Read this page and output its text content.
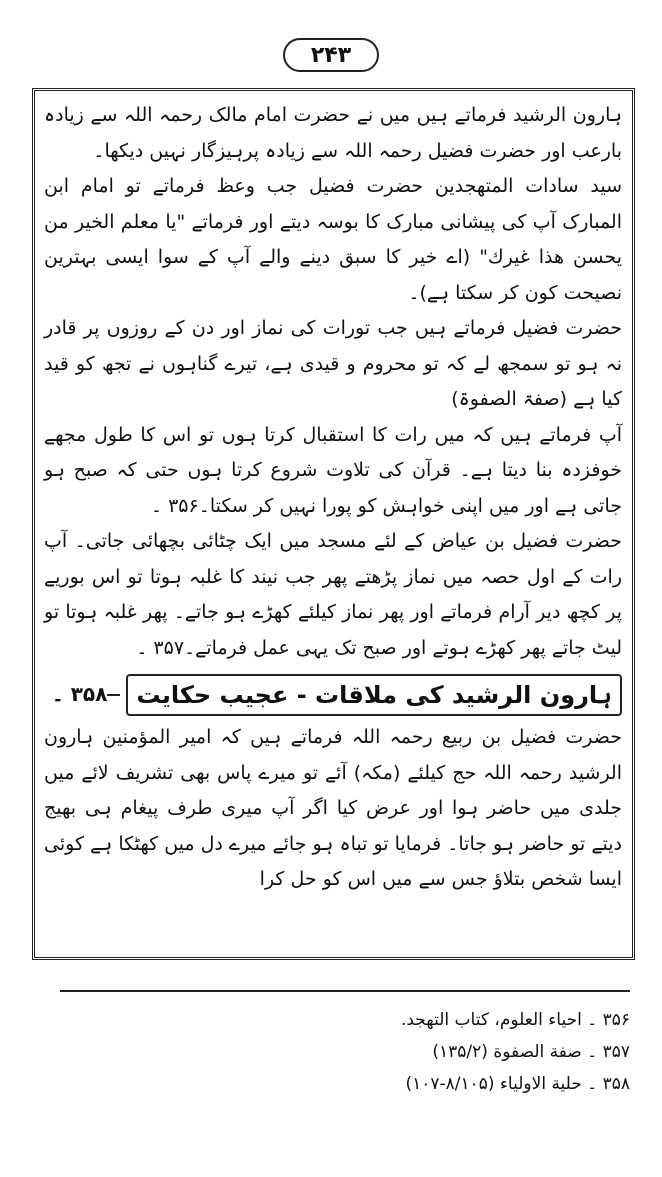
۲۴۳

ہارون الرشید فرماتے ہیں میں نے حضرت امام مالک رحمہ اللہ سے زیادہ بارعب اور حضرت فضیل رحمہ اللہ سے زیادہ پرہیزگار نہیں دیکھا۔

سید سادات المتھجدین حضرت فضیل جب وعظ فرماتے تو امام ابن المبارک آپ کی پیشانی مبارک کا بوسہ دیتے اور فرماتے "یا معلم الخیر من یحسن ھذا غیرك" (اے خیر کا سبق دینے والے آپ کے سوا ایسی بہترین نصیحت کون کر سکتا ہے)۔

حضرت فضیل فرماتے ہیں جب تورات کی نماز اور دن کے روزوں پر قادر نہ ہو تو سمجھ لے کہ تو محروم و قیدی ہے، تیرے گناہوں نے تجھ کو قید کیا ہے (صفۃ الصفوۃ)

آپ فرماتے ہیں کہ میں رات کا استقبال کرتا ہوں تو اس کا طول مجھے خوفزدہ بنا دیتا ہے۔ قرآن کی تلاوت شروع کرتا ہوں حتی کہ صبح ہو جاتی ہے اور میں اپنی خواہش کو پورا نہیں کر سکتا۔۳۵۶ ۔

حضرت فضیل بن عیاض کے لئے مسجد میں ایک چٹائی بچھائی جاتی۔ آپ رات کے اول حصہ میں نماز پڑھتے پھر جب نیند کا غلبہ ہوتا تو اس بوریے پر کچھ دیر آرام فرماتے اور پھر نماز کیلئے کھڑے ہو جاتے۔ پھر غلبہ ہوتا تو لیٹ جاتے پھر کھڑے ہوتے اور صبح تک یہی عمل فرماتے۔۳۵۷ ۔

ہارون الرشید کی ملاقات - عجیب حکایت
۳۵۸ ۔

حضرت فضیل بن ربیع رحمہ اللہ فرماتے ہیں کہ امیر المؤمنین ہارون الرشید رحمہ اللہ حج کیلئے (مکہ) آئے تو میرے پاس بھی تشریف لائے میں جلدی میں حاضر ہوا اور عرض کیا اگر آپ میری طرف پیغام ہی بھیج دیتے تو حاضر ہو جاتا۔ فرمایا تو تباہ ہو جائے میرے دل میں کھٹکا ہے کوئی ایسا شخص بتلاؤ جس سے میں اس کو حل کرا

۳۵۶ ۔ احیاء العلوم، کتاب التھجد.
۳۵۷ ۔ صفة الصفوة (۱۳۵/۲)
۳۵۸ ۔ حلیة الاولیاء (۸/۱۰۵-۱۰۷)
